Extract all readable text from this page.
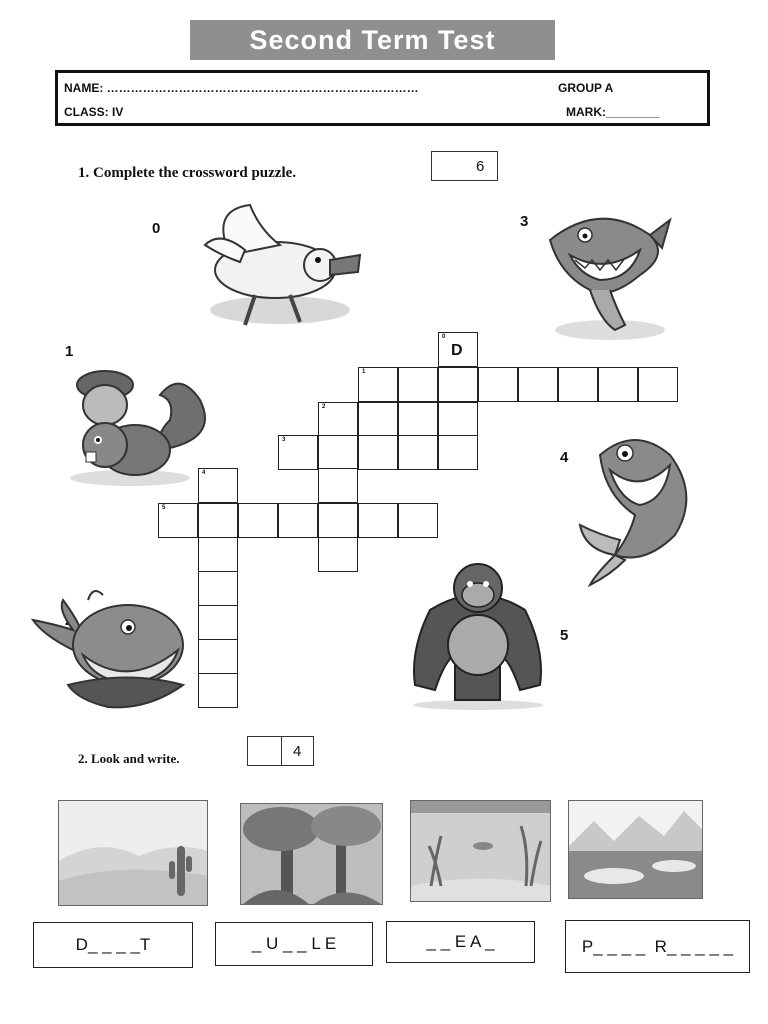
Second Term Test
NAME: ……………………………………………………………………	GROUP A
CLASS: IV	MARK:________
1. Complete the crossword puzzle.	6
0	3
1
4
5
0
D
1
2
3
4
5
2. Look and write.	4
D_ _ _ _T	_ U _ _ L E	_ _ E A _	P_ _ _ _  R_ _ _ _ _
